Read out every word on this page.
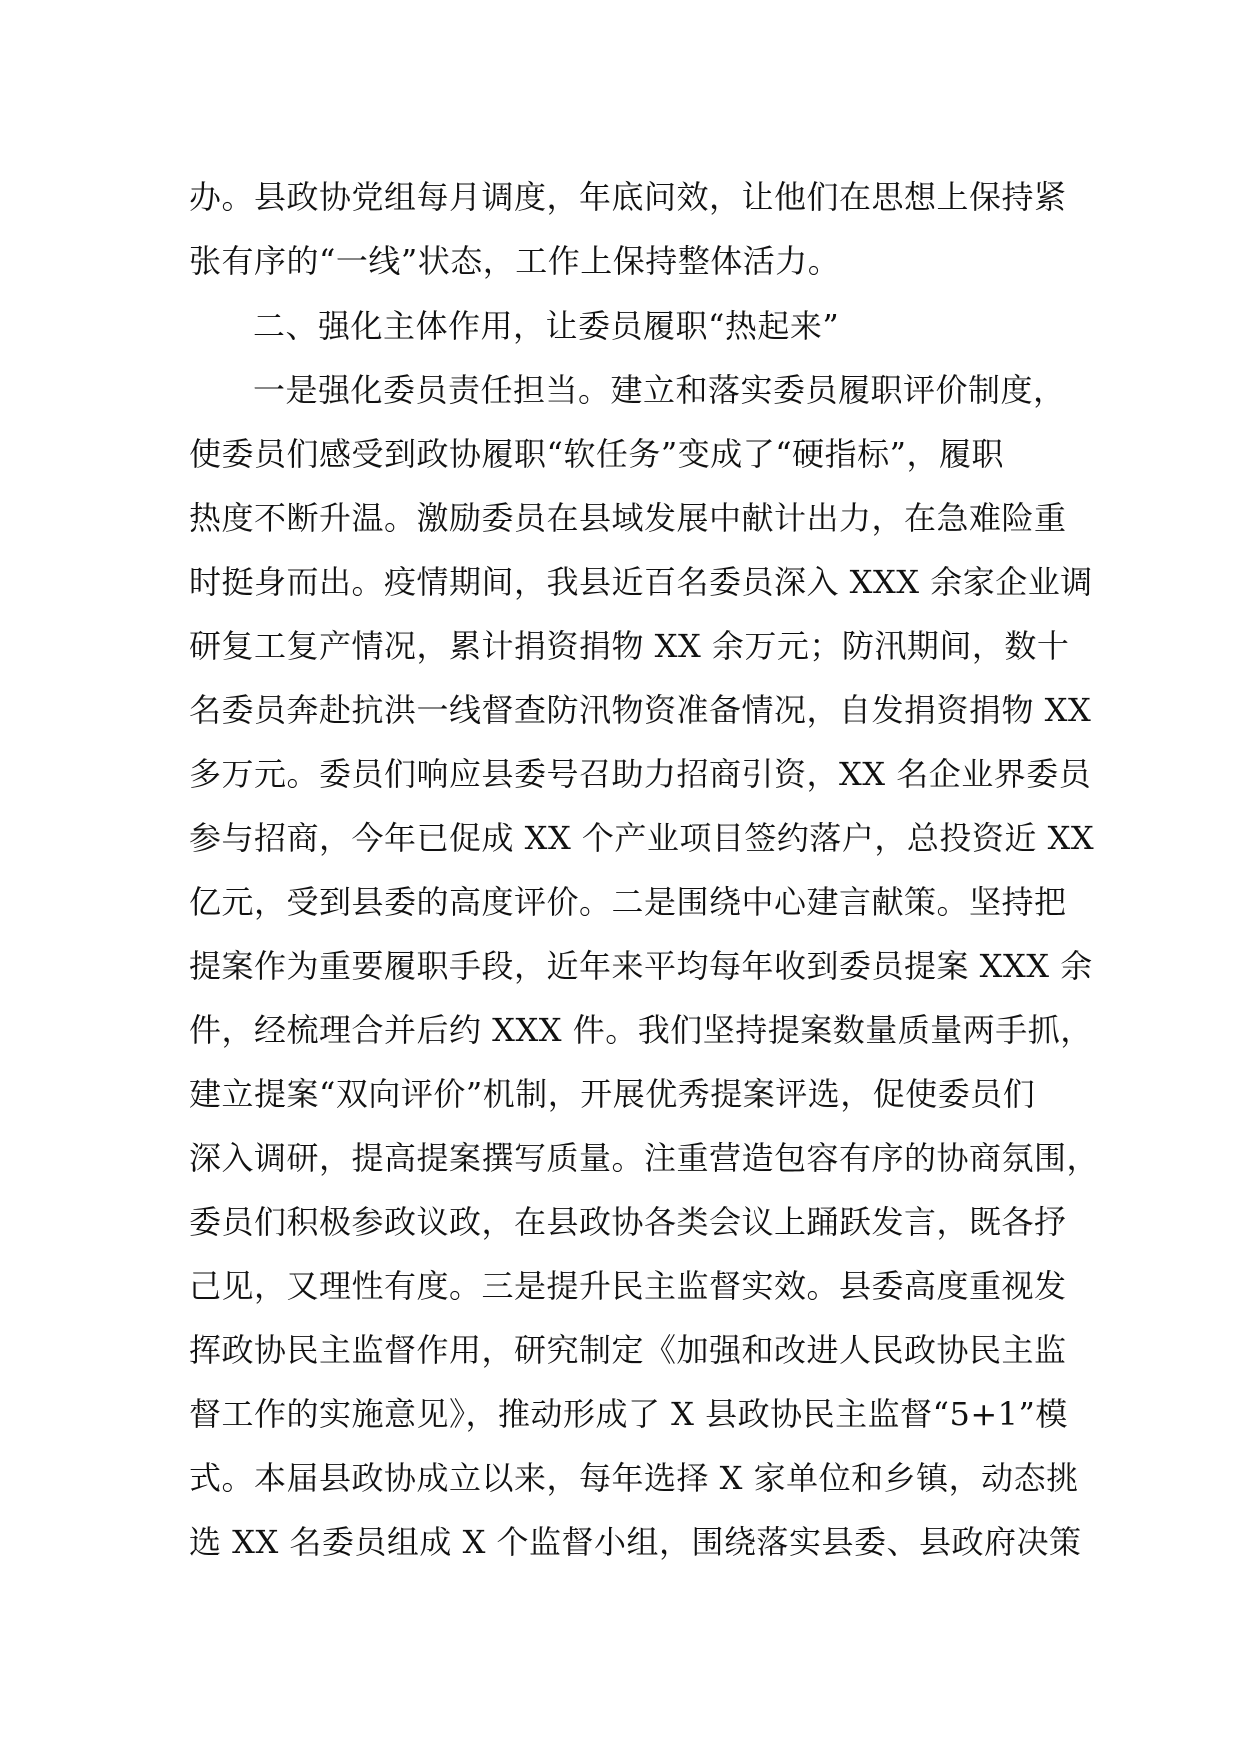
办。县政协党组每月调度，年底问效，让他们在思想上保持紧
张有序的“一线”状态，工作上保持整体活力。
二、强化主体作用，让委员履职“热起来”
一是强化委员责任担当。建立和落实委员履职评价制度，
使委员们感受到政协履职“软任务”变成了“硬指标”，履职
热度不断升温。激励委员在县域发展中献计出力，在急难险重
时挺身而出。疫情期间，我县近百名委员深入 XXX 余家企业调
研复工复产情况，累计捐资捐物 XX 余万元；防汛期间，数十
名委员奔赴抗洪一线督查防汛物资准备情况，自发捐资捐物 XX
多万元。委员们响应县委号召助力招商引资，XX 名企业界委员
参与招商，今年已促成 XX 个产业项目签约落户，总投资近 XX
亿元，受到县委的高度评价。二是围绕中心建言献策。坚持把
提案作为重要履职手段，近年来平均每年收到委员提案 XXX 余
件，经梳理合并后约 XXX 件。我们坚持提案数量质量两手抓，
建立提案“双向评价”机制，开展优秀提案评选，促使委员们
深入调研，提高提案撰写质量。注重营造包容有序的协商氛围，
委员们积极参政议政，在县政协各类会议上踊跃发言，既各抒
己见，又理性有度。三是提升民主监督实效。县委高度重视发
挥政协民主监督作用，研究制定《加强和改进人民政协民主监
督工作的实施意见》，推动形成了 X 县政协民主监督“5+1”模
式。本届县政协成立以来，每年选择 X 家单位和乡镇，动态挑
选 XX 名委员组成 X 个监督小组，围绕落实县委、县政府决策
